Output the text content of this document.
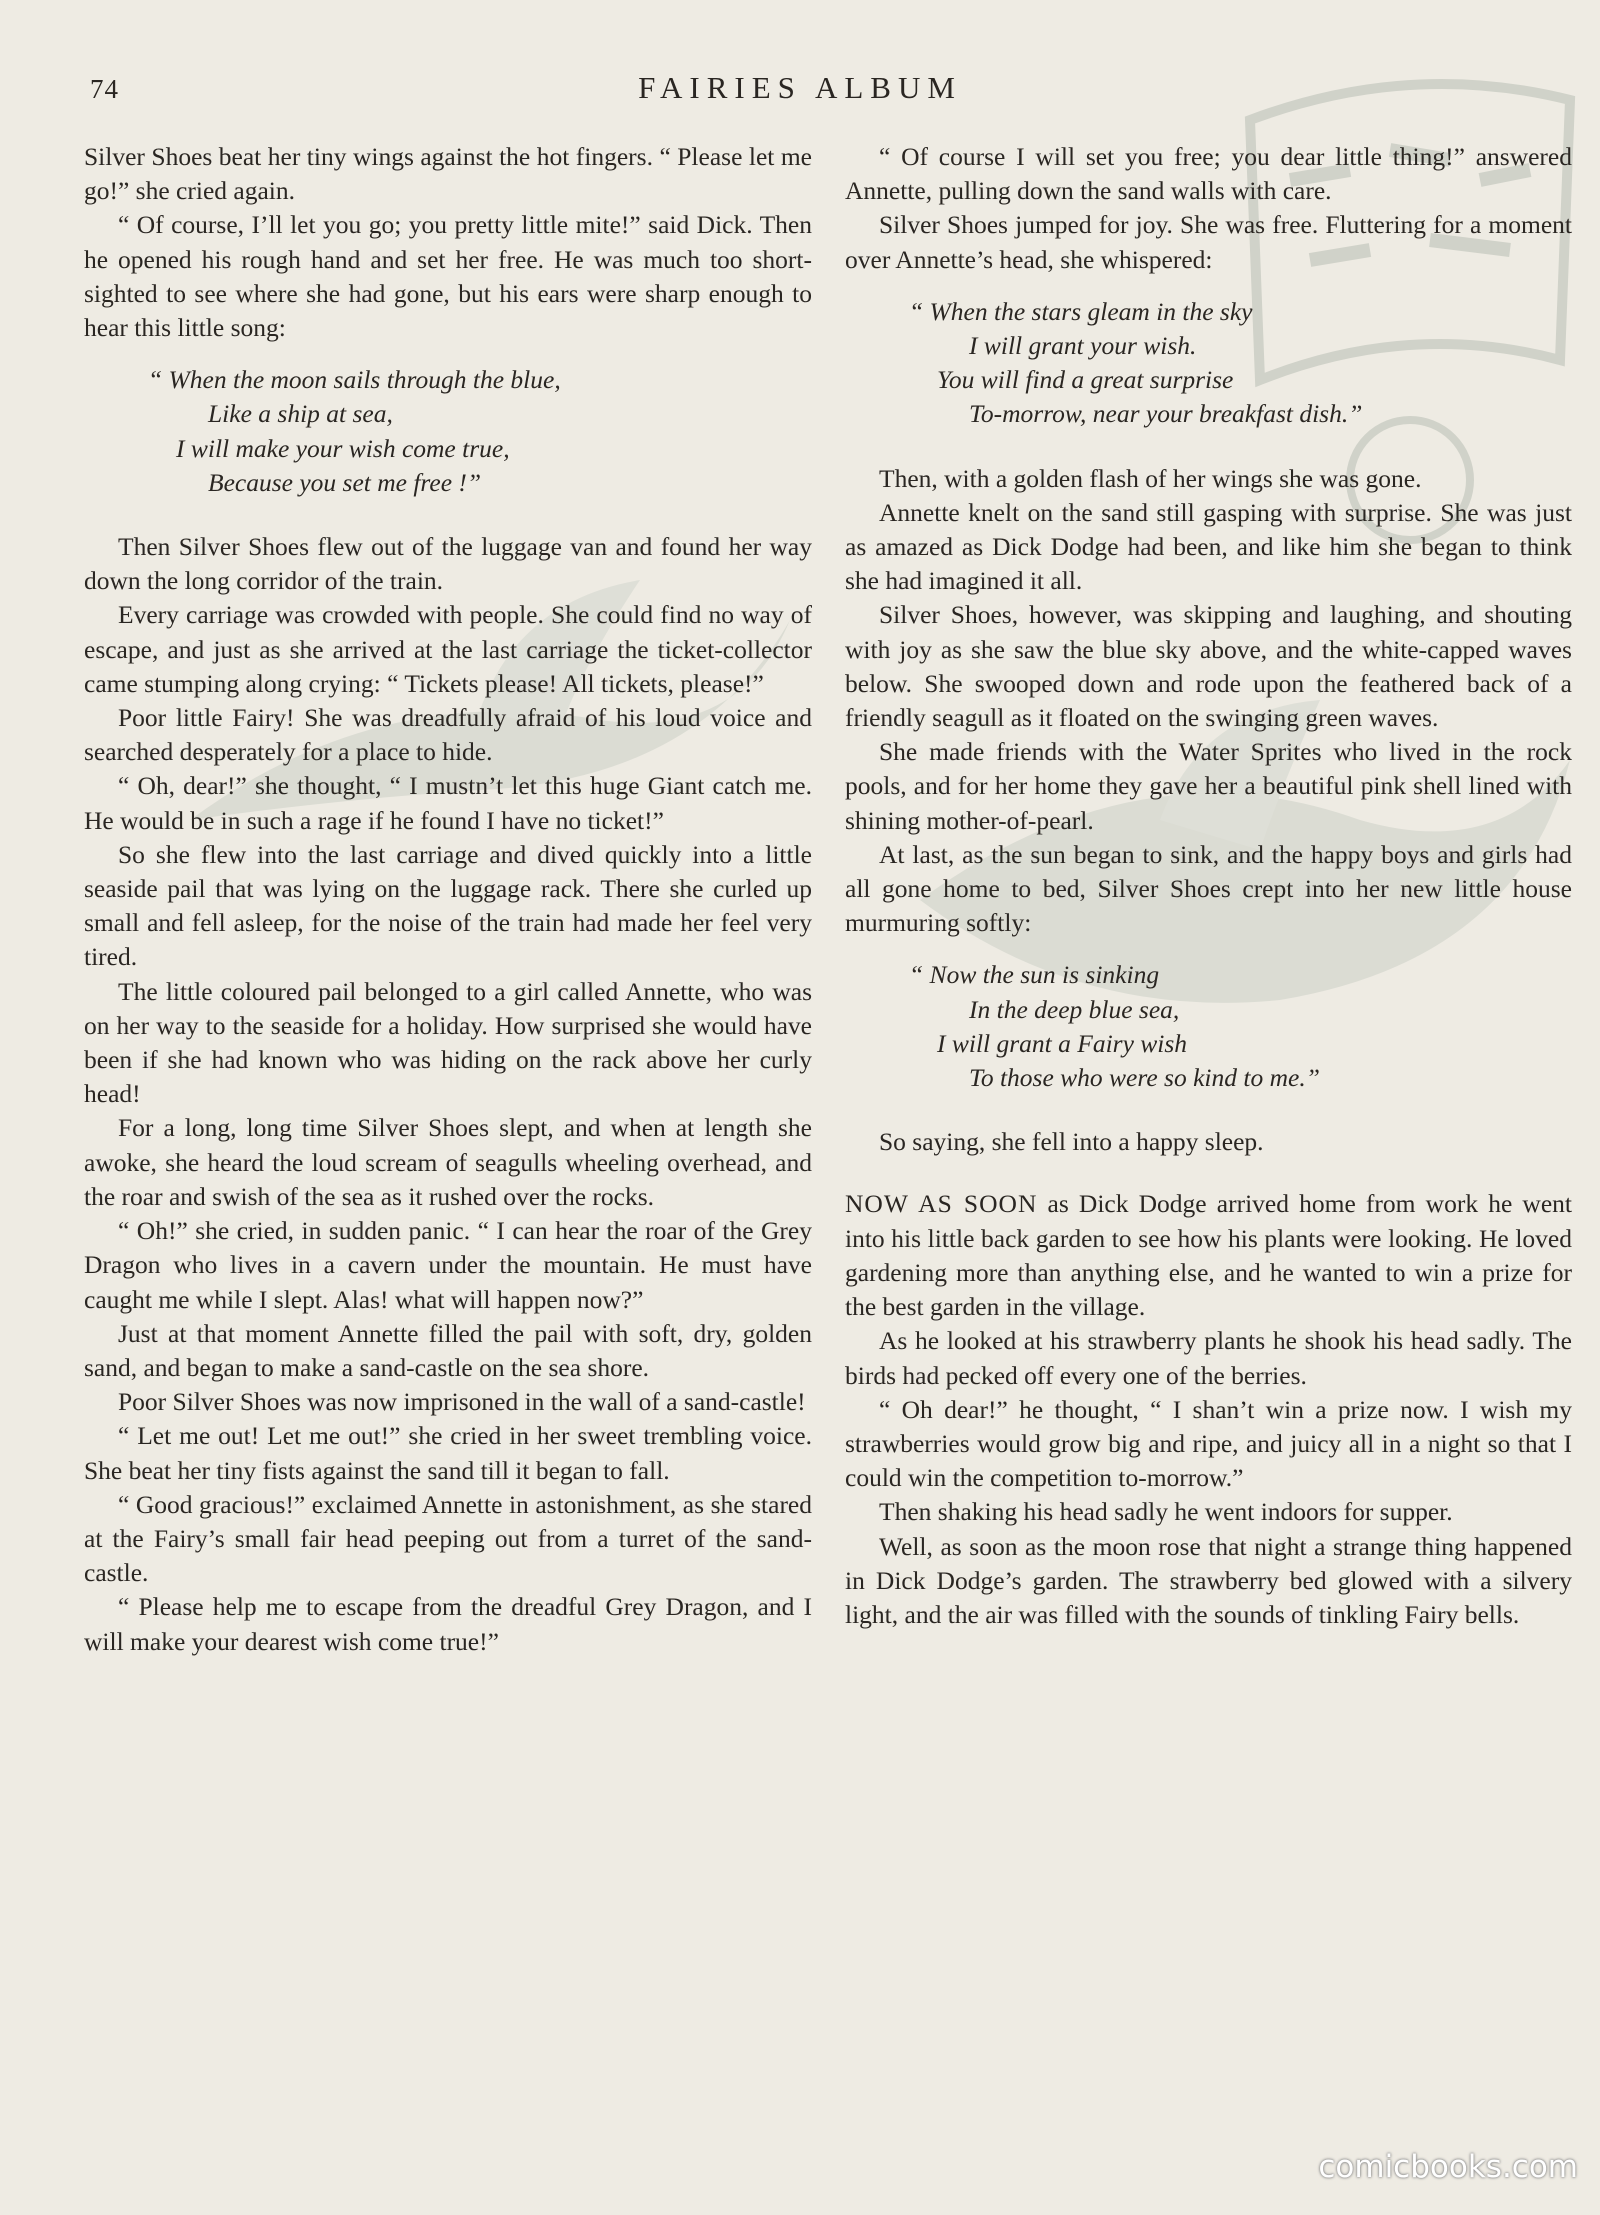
74	FAIRIES ALBUM

Silver Shoes beat her tiny wings against the hot fingers. “ Please let me go!” she cried again.

“ Of course, I’ll let you go; you pretty little mite!” said Dick. Then he opened his rough hand and set her free. He was much too short-sighted to see where she had gone, but his ears were sharp enough to hear this little song:

“ When the moon sails through the blue,
Like a ship at sea,
I will make your wish come true,
Because you set me free !”

Then Silver Shoes flew out of the luggage van and found her way down the long corridor of the train.

Every carriage was crowded with people. She could find no way of escape, and just as she arrived at the last carriage the ticket-collector came stumping along crying: “ Tickets please! All tickets, please!”

Poor little Fairy! She was dreadfully afraid of his loud voice and searched desperately for a place to hide.

“ Oh, dear!” she thought, “ I mustn’t let this huge Giant catch me. He would be in such a rage if he found I have no ticket!”

So she flew into the last carriage and dived quickly into a little seaside pail that was lying on the luggage rack. There she curled up small and fell asleep, for the noise of the train had made her feel very tired.

The little coloured pail belonged to a girl called Annette, who was on her way to the seaside for a holiday. How surprised she would have been if she had known who was hiding on the rack above her curly head!

For a long, long time Silver Shoes slept, and when at length she awoke, she heard the loud scream of seagulls wheeling overhead, and the roar and swish of the sea as it rushed over the rocks.

“ Oh!” she cried, in sudden panic. “ I can hear the roar of the Grey Dragon who lives in a cavern under the mountain. He must have caught me while I slept. Alas! what will happen now?”

Just at that moment Annette filled the pail with soft, dry, golden sand, and began to make a sand-castle on the sea shore.

Poor Silver Shoes was now imprisoned in the wall of a sand-castle!

“ Let me out! Let me out!” she cried in her sweet trembling voice. She beat her tiny fists against the sand till it began to fall.

“ Good gracious!” exclaimed Annette in astonishment, as she stared at the Fairy’s small fair head peeping out from a turret of the sand-castle.

“ Please help me to escape from the dreadful Grey Dragon, and I will make your dearest wish come true!”

“ Of course I will set you free; you dear little thing!” answered Annette, pulling down the sand walls with care.

Silver Shoes jumped for joy. She was free. Fluttering for a moment over Annette’s head, she whispered:

“ When the stars gleam in the sky
I will grant your wish.
You will find a great surprise
To-morrow, near your breakfast dish.”

Then, with a golden flash of her wings she was gone.

Annette knelt on the sand still gasping with surprise. She was just as amazed as Dick Dodge had been, and like him she began to think she had imagined it all.

Silver Shoes, however, was skipping and laughing, and shouting with joy as she saw the blue sky above, and the white-capped waves below. She swooped down and rode upon the feathered back of a friendly seagull as it floated on the swinging green waves.

She made friends with the Water Sprites who lived in the rock pools, and for her home they gave her a beautiful pink shell lined with shining mother-of-pearl.

At last, as the sun began to sink, and the happy boys and girls had all gone home to bed, Silver Shoes crept into her new little house murmuring softly:

“ Now the sun is sinking
In the deep blue sea,
I will grant a Fairy wish
To those who were so kind to me.”

So saying, she fell into a happy sleep.

NOW AS SOON as Dick Dodge arrived home from work he went into his little back garden to see how his plants were looking. He loved gardening more than anything else, and he wanted to win a prize for the best garden in the village.

As he looked at his strawberry plants he shook his head sadly. The birds had pecked off every one of the berries.

“ Oh dear!” he thought, “ I shan’t win a prize now. I wish my strawberries would grow big and ripe, and juicy all in a night so that I could win the competition to-morrow.”

Then shaking his head sadly he went indoors for supper.

Well, as soon as the moon rose that night a strange thing happened in Dick Dodge’s garden. The strawberry bed glowed with a silvery light, and the air was filled with the sounds of tinkling Fairy bells.

comicbooks.com
